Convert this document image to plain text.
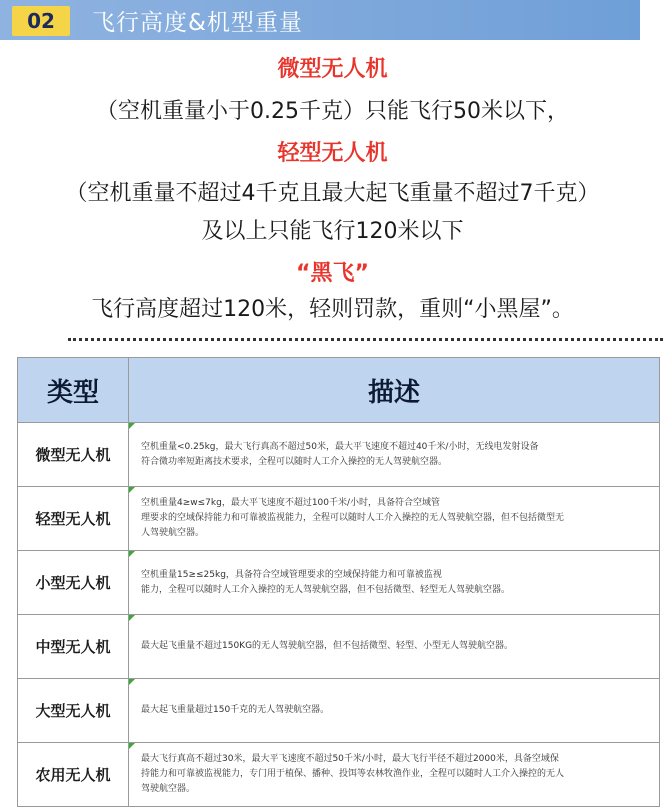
02	飞行高度&机型重量
微型无人机
（空机重量小于0.25千克）只能飞行50米以下，
轻型无人机
（空机重量不超过4千克且最大起飞重量不超过7千克）
及以上只能飞行120米以下
“黑飞”
飞行高度超过120米，轻则罚款，重则“小黑屋”。
类型	描述
微型无人机	空机重量<0.25kg，最大飞行真高不超过50米，最大平飞速度不超过40千米/小时，无线电发射设备
符合微功率短距离技术要求，全程可以随时人工介入操控的无人驾驶航空器。

轻型无人机	空机重量4≥w≤7kg，最大平飞速度不超过100千米/小时，具备符合空域管
理要求的空域保持能力和可靠被监视能力，全程可以随时人工介入操控的无人驾驶航空器，但不包括微型无
人驾驶航空器。

小型无人机	空机重量15≥≤25kg，具备符合空域管理要求的空域保持能力和可靠被监视
能力，全程可以随时人工介入操控的无人驾驶航空器，但不包括微型、轻型无人驾驶航空器。

中型无人机	最大起飞重量不超过150KG的无人驾驶航空器，但不包括微型、轻型、小型无人驾驶航空器。

大型无人机	最大起飞重量超过150千克的无人驾驶航空器。

农用无人机	最大飞行真高不超过30米，最大平飞速度不超过50千米/小时，最大飞行半径不超过2000米，具备空域保
持能力和可靠被监视能力，专门用于植保、播种、投饵等农林牧渔作业，全程可以随时人工介入操控的无人
驾驶航空器。
